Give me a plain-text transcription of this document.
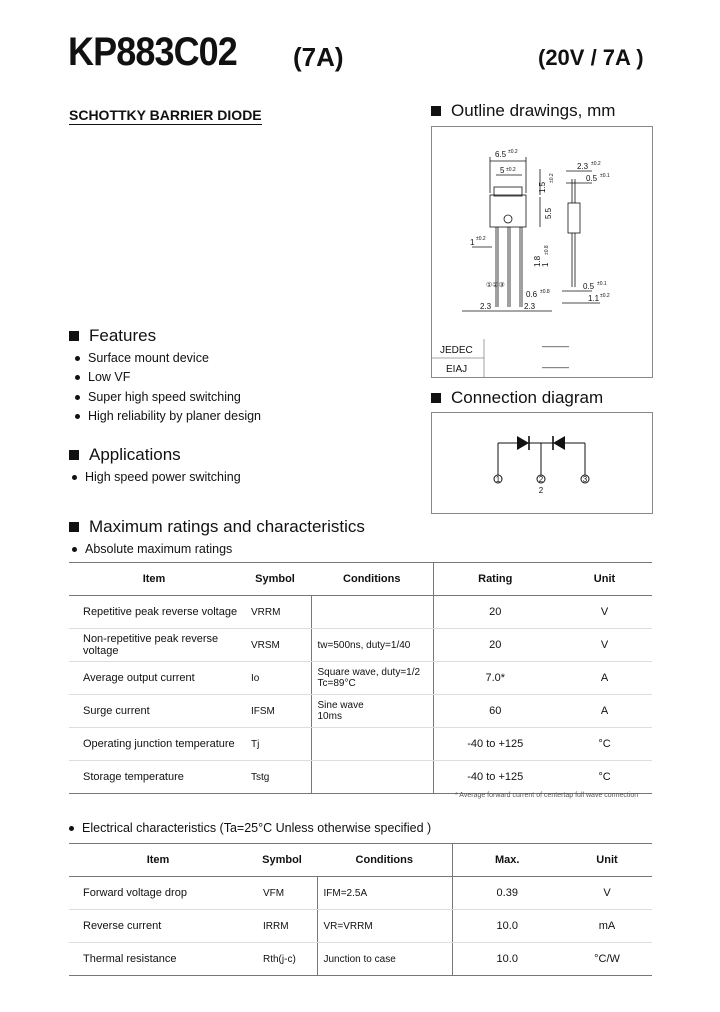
KP883C02 (7A)	(20V / 7A )
SCHOTTKY BARRIER DIODE	Outline drawings, mm
6.5 ±0.2
5 ±0.2
1.5
±0.2
5.5
2.3 ±0.2
0.5 ±0.1
1 ±0.2
1.8 1
±0.8
0.6 ±0.8
①②③
2.3	2.3
0.5 ±0.1
1.1 ±0.2
JEDEC	———
EIAJ	———
Connection diagram
1	2
2
3
Features
Surface mount device
Low VF
Super high speed switching
High reliability by planer design
Applications
High speed power switching
Maximum ratings and characteristics
Absolute maximum ratings
Item	Symbol	Conditions	Rating	Unit
Repetitive peak reverse voltage	VRRM		20	V
Non-repetitive peak reverse voltage	VRSM	tw=500ns, duty=1/40	20	V
Average output current	Io	Square wave, duty=1/2
Tc=89°C	7.0*	A
Surge current	IFSM	Sine wave
10ms	60	A
Operating junction temperature	Tj		-40 to +125	°C
Storage temperature	Tstg		-40 to +125	°C
* Average forward current of centertap full wave connection
Electrical characteristics (Ta=25°C Unless otherwise specified )
Item	Symbol	Conditions	Max.	Unit
Forward voltage drop	VFM	IFM=2.5A	0.39	V
Reverse current	IRRM	VR=VRRM	10.0	mA
Thermal resistance	Rth(j-c)	Junction to case	10.0	°C/W
